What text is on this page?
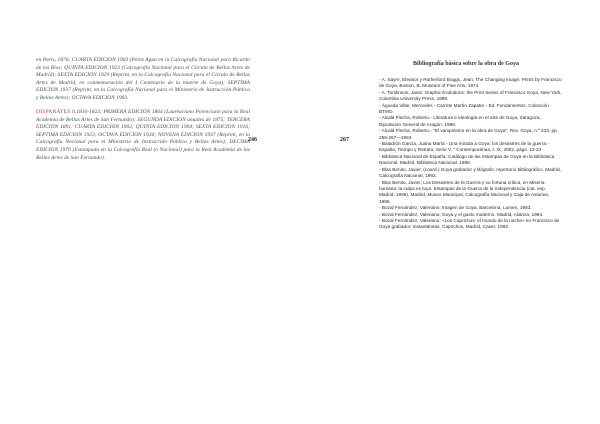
en Paris, 1876; CUARTA EDICION 1903 (Pérez Agua en la Calcografía Nacional para Ricardo de los Ríos; QUINTA EDICION 1923 (Calcografía Nacional para el Círculo de Bellas Artes de Madrid); SEXTA EDICION 1929 (Reprint, en la Calcografía Nacional para el Círculo de Bellas Artes de Madrid, en conmemoración del I Centenario de la muerte de Goya); SEPTIMA EDICION 1937 (Reprint, en la Calcografía Nacional para el Ministerio de Instrucción Pública y Bellas Artes); OCTAVA EDICION 1903.

DISPARATES h.1816-1823; PRIMERA EDICION 1864 (Laureaciano Potenciano para la Real Academia de Bellas Artes de San Fernando); SEGUNDA EDICION anuales de 1875; TERCERA EDICION 1891; CUARTA EDICION 1902; QUINTA EDICION 1904; SEXTA EDICION 1916; SEPTIMA EDICION 1923; OCTAVA EDICION 1930; NOVENA EDICION 1937 (Reprint, en la Calcografía Nacional para el Ministerio de Instrucción Pública y Bellas Artes); DECIMA EDICION 1970 (Estampada en la Calcografía Real (o Nacional) para la Real Academia de las Bellas Artes de San Fernando).

246	267
Bibliografía básica sobre la obra de Goya
- A. Sayre, Eleanor y Rutherford Boggs, Jean, The Changing Image: Prints by Francisco de Goya, Boston, B. Museum of Fine Arts, 1974.
- A. Tomlinson, Janis: Graphic Evolutions: the Print Series of Francisco Goya, New York, Columbia University Press, 1989.
- Águeda Villar, Mercedes - Carrete Martín Zapater - Ed. Fundamentos. Colección BTMO.
- Alcalá Flecha, Roberto.- Literatura e ideología en el arte de Goya, Zaragoza, Diputación General de Aragón, 1988.
- Alcalá Flecha, Roberto.- "El vampirismo en la obra de Goya", Rev. Goya, n.º 233, pp. 259-267—1993.
- Baladrón García, Juana María.- Una mirada a Goya: los desastres de la guerra.- España, Tiempo y Retrato, Serie V, " Contemporánea, t. IX, 2002, págs. 13-23
- Biblioteca Nacional de España; Catálogo de las estampas de Goya en la Biblioteca Nacional. Madrid. Biblioteca Nacional. 1996.
- Blas Benito, Javier; (coord.) Goya grabador y litógrafo: repertorio bibliográfico, Madrid, Calcografía Nacional, 1992.
- Blas Benito, Javier; Los Desastres de la Guerra y su fortuna crítica, en Miseria humana: la culpa es tuya. Estampas de la Guerra de la Independencia (cat. exp. Madrid, 1996), Madrid, Museo Municipal, Calcografía Nacional y Caja de Asturias, 1996.
- Bozal Fernández, Valeriano; Imagen de Goya. Barcelona, Lumen, 1983.
- Bozal Fernández, Valeriano; Goya y el gusto moderno. Madrid, Alianza, 1994.
- Bozal Fernández, Valeriano; «Los Caprichos: el mundo de la noche» en Francisco de Goya grabador: instantáneas. Caprichos, Madrid, Caser, 1992.
